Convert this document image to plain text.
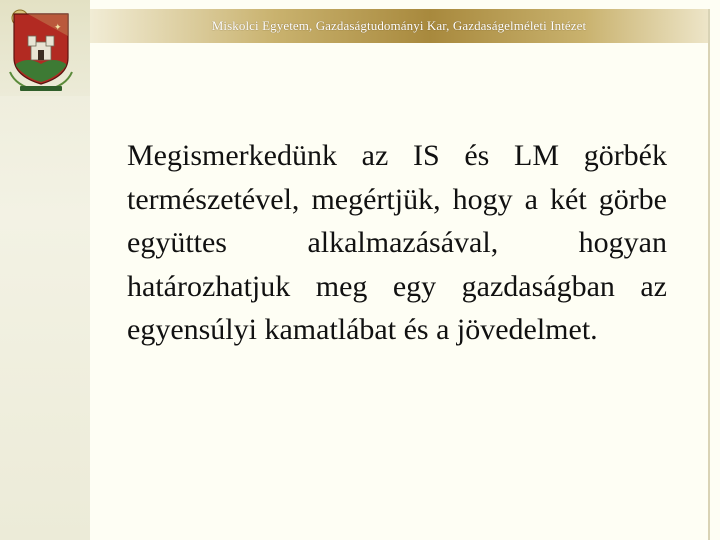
✦	Miskolci Egyetem, Gazdaságtudományi Kar, Gazdaságelméleti Intézet

Megismerkedünk az IS és LM görbék természetével, megértjük, hogy a két görbe együttes alkalmazásával, hogyan határozhatjuk meg egy gazdaságban az egyensúlyi kamatlábat és a jövedelmet.
